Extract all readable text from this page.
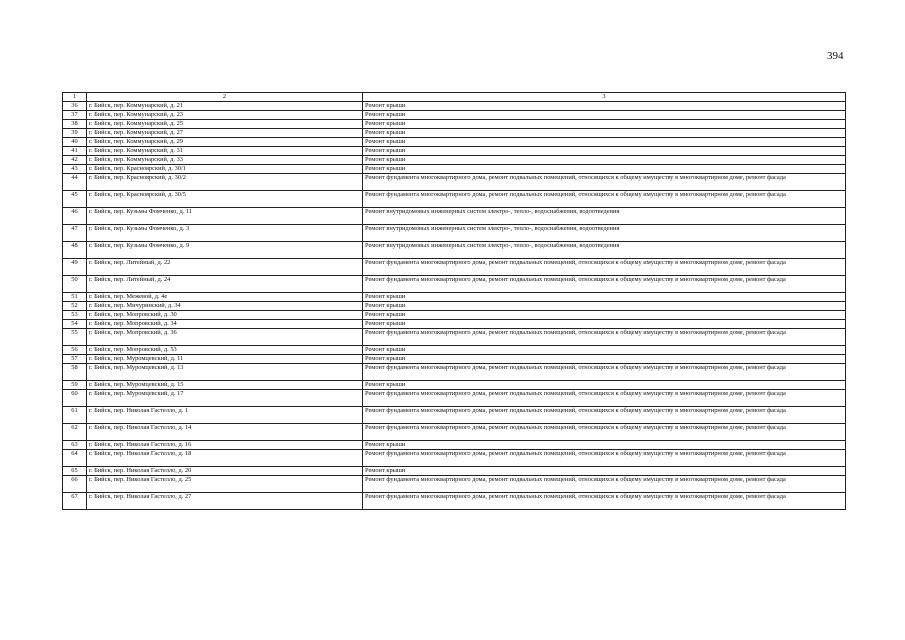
394
1	2	3
36	г. Бийск, пер. Коммунарский, д. 21	Ремонт крыши
37	г. Бийск, пер. Коммунарский, д. 23	Ремонт крыши
38	г. Бийск, пер. Коммунарский, д. 25	Ремонт крыши
39	г. Бийск, пер. Коммунарский, д. 27	Ремонт крыши
40	г. Бийск, пер. Коммунарский, д. 29	Ремонт крыши
41	г. Бийск, пер. Коммунарский, д. 31	Ремонт крыши
42	г. Бийск, пер. Коммунарский, д. 33	Ремонт крыши
43	г. Бийск, пер. Красноярский, д. 30/1	Ремонт крыши
44	г. Бийск, пер. Красноярский, д. 30/2	Ремонт фундамента многоквартирного дома, ремонт подвальных помещений, относящихся к общему имуществу в многоквартирном доме, ремонт фасада
45	г. Бийск, пер. Красноярский, д. 30/5	Ремонт фундамента многоквартирного дома, ремонт подвальных помещений, относящихся к общему имуществу в многоквартирном доме, ремонт фасада
46	г. Бийск, пер. Кузьмы Фомченко, д. 11	Ремонт внутридомовых инженерных систем электро-, тепло-, водоснабжения, водоотведения
47	г. Бийск, пер. Кузьмы Фомченко, д. 3	Ремонт внутридомовых инженерных систем электро-, тепло-, водоснабжения, водоотведения
48	г. Бийск, пер. Кузьмы Фомченко, д. 9	Ремонт внутридомовых инженерных систем электро-, тепло-, водоснабжения, водоотведения
49	г. Бийск, пер. Литейный, д. 22	Ремонт фундамента многоквартирного дома, ремонт подвальных помещений, относящихся к общему имуществу в многоквартирном доме, ремонт фасада
50	г. Бийск, пер. Литейный, д. 24	Ремонт фундамента многоквартирного дома, ремонт подвальных помещений, относящихся к общему имуществу в многоквартирном доме, ремонт фасада
51	г. Бийск, пер. Межевой, д. 4е	Ремонт крыши
52	г. Бийск, пер. Мичуринский, д. 34	Ремонт крыши
53	г. Бийск, пер. Мопровский, д. 30	Ремонт крыши
54	г. Бийск, пер. Мопровский, д. 34	Ремонт крыши
55	г. Бийск, пер. Мопровский, д. 36	Ремонт фундамента многоквартирного дома, ремонт подвальных помещений, относящихся к общему имуществу в многоквартирном доме, ремонт фасада
56	г. Бийск, пер. Мопровский, д. 53	Ремонт крыши
57	г. Бийск, пер. Муромцевский, д. 11	Ремонт крыши
58	г. Бийск, пер. Муромцевский, д. 13	Ремонт фундамента многоквартирного дома, ремонт подвальных помещений, относящихся к общему имуществу в многоквартирном доме, ремонт фасада
59	г. Бийск, пер. Муромцевский, д. 15	Ремонт крыши
60	г. Бийск, пер. Муромцевский, д. 17	Ремонт фундамента многоквартирного дома, ремонт подвальных помещений, относящихся к общему имуществу в многоквартирном доме, ремонт фасада
61	г. Бийск, пер. Николая Гастелло, д. 1	Ремонт фундамента многоквартирного дома, ремонт подвальных помещений, относящихся к общему имуществу в многоквартирном доме, ремонт фасада
62	г. Бийск, пер. Николая Гастелло, д. 14	Ремонт фундамента многоквартирного дома, ремонт подвальных помещений, относящихся к общему имуществу в многоквартирном доме, ремонт фасада
63	г. Бийск, пер. Николая Гастелло, д. 16	Ремонт крыши
64	г. Бийск, пер. Николая Гастелло, д. 18	Ремонт фундамента многоквартирного дома, ремонт подвальных помещений, относящихся к общему имуществу в многоквартирном доме, ремонт фасада
65	г. Бийск, пер. Николая Гастелло, д. 20	Ремонт крыши
66	г. Бийск, пер. Николая Гастелло, д. 25	Ремонт фундамента многоквартирного дома, ремонт подвальных помещений, относящихся к общему имуществу в многоквартирном доме, ремонт фасада
67	г. Бийск, пер. Николая Гастелло, д. 27	Ремонт фундамента многоквартирного дома, ремонт подвальных помещений, относящихся к общему имуществу в многоквартирном доме, ремонт фасада
